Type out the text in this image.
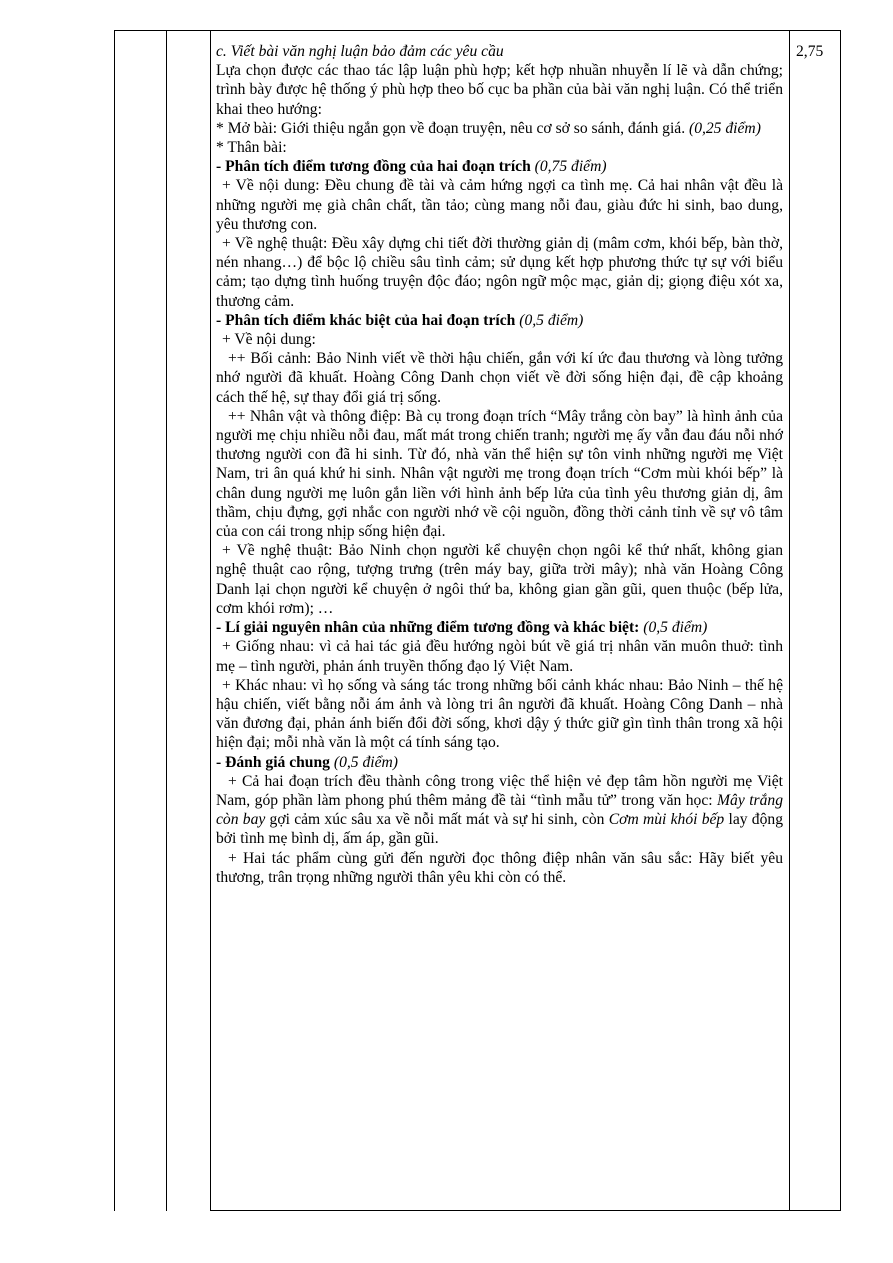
2,75

c. Viết bài văn nghị luận bảo đảm các yêu cầu

Lựa chọn được các thao tác lập luận phù hợp; kết hợp nhuần nhuyễn lí lẽ và dẫn chứng; trình bày được hệ thống ý phù hợp theo bố cục ba phần của bài văn nghị luận. Có thể triển khai theo hướng:

* Mở bài: Giới thiệu ngắn gọn về đoạn truyện, nêu cơ sở so sánh, đánh giá. (0,25 điểm)

* Thân bài:

- Phân tích điểm tương đồng của hai đoạn trích (0,75 điểm)

+ Về nội dung: Đều chung đề tài và cảm hứng ngợi ca tình mẹ. Cả hai nhân vật đều là những người mẹ già chân chất, tần tảo; cùng mang nỗi đau, giàu đức hi sinh, bao dung, yêu thương con.

+ Về nghệ thuật: Đều xây dựng chi tiết đời thường giản dị (mâm cơm, khói bếp, bàn thờ, nén nhang…) để bộc lộ chiều sâu tình cảm; sử dụng kết hợp phương thức tự sự với biểu cảm; tạo dựng tình huống truyện độc đáo; ngôn ngữ mộc mạc, giản dị; giọng điệu xót xa, thương cảm.

- Phân tích điểm khác biệt của hai đoạn trích (0,5 điểm)

+ Về nội dung:

++ Bối cảnh: Bảo Ninh viết về thời hậu chiến, gắn với kí ức đau thương và lòng tưởng nhớ người đã khuất. Hoàng Công Danh chọn viết về đời sống hiện đại, đề cập khoảng cách thế hệ, sự thay đổi giá trị sống.

++ Nhân vật và thông điệp: Bà cụ trong đoạn trích “Mây trắng còn bay” là hình ảnh của người mẹ chịu nhiều nỗi đau, mất mát trong chiến tranh; người mẹ ấy vẫn đau đáu nỗi nhớ thương người con đã hi sinh. Từ đó, nhà văn thể hiện sự tôn vinh những người mẹ Việt Nam, tri ân quá khứ hi sinh. Nhân vật người mẹ trong đoạn trích “Cơm mùi khói bếp” là chân dung người mẹ luôn gắn liền với hình ảnh bếp lửa của tình yêu thương giản dị, âm thầm, chịu đựng, gợi nhắc con người nhớ về cội nguồn, đồng thời cảnh tỉnh về sự vô tâm của con cái trong nhịp sống hiện đại.

+ Về nghệ thuật: Bảo Ninh chọn người kể chuyện chọn ngôi kể thứ nhất, không gian nghệ thuật cao rộng, tượng trưng (trên máy bay, giữa trời mây); nhà văn Hoàng Công Danh lại chọn người kể chuyện ở ngôi thứ ba, không gian gần gũi, quen thuộc (bếp lửa, cơm khói rơm); …

- Lí giải nguyên nhân của những điểm tương đồng và khác biệt: (0,5 điểm)

+ Giống nhau: vì cả hai tác giả đều hướng ngòi bút về giá trị nhân văn muôn thuở: tình mẹ – tình người, phản ánh truyền thống đạo lý Việt Nam.

+ Khác nhau: vì họ sống và sáng tác trong những bối cảnh khác nhau: Bảo Ninh – thế hệ hậu chiến, viết bằng nỗi ám ảnh và lòng tri ân người đã khuất. Hoàng Công Danh – nhà văn đương đại, phản ánh biến đổi đời sống, khơi dậy ý thức giữ gìn tình thân trong xã hội hiện đại; mỗi nhà văn là một cá tính sáng tạo.

- Đánh giá chung (0,5 điểm)

+ Cả hai đoạn trích đều thành công trong việc thể hiện vẻ đẹp tâm hồn người mẹ Việt Nam, góp phần làm phong phú thêm mảng đề tài “tình mẫu tử” trong văn học: Mây trắng còn bay gợi cảm xúc sâu xa về nỗi mất mát và sự hi sinh, còn Cơm mùi khói bếp lay động bởi tình mẹ bình dị, ấm áp, gần gũi.

+ Hai tác phẩm cùng gửi đến người đọc thông điệp nhân văn sâu sắc: Hãy biết yêu thương, trân trọng những người thân yêu khi còn có thể.
